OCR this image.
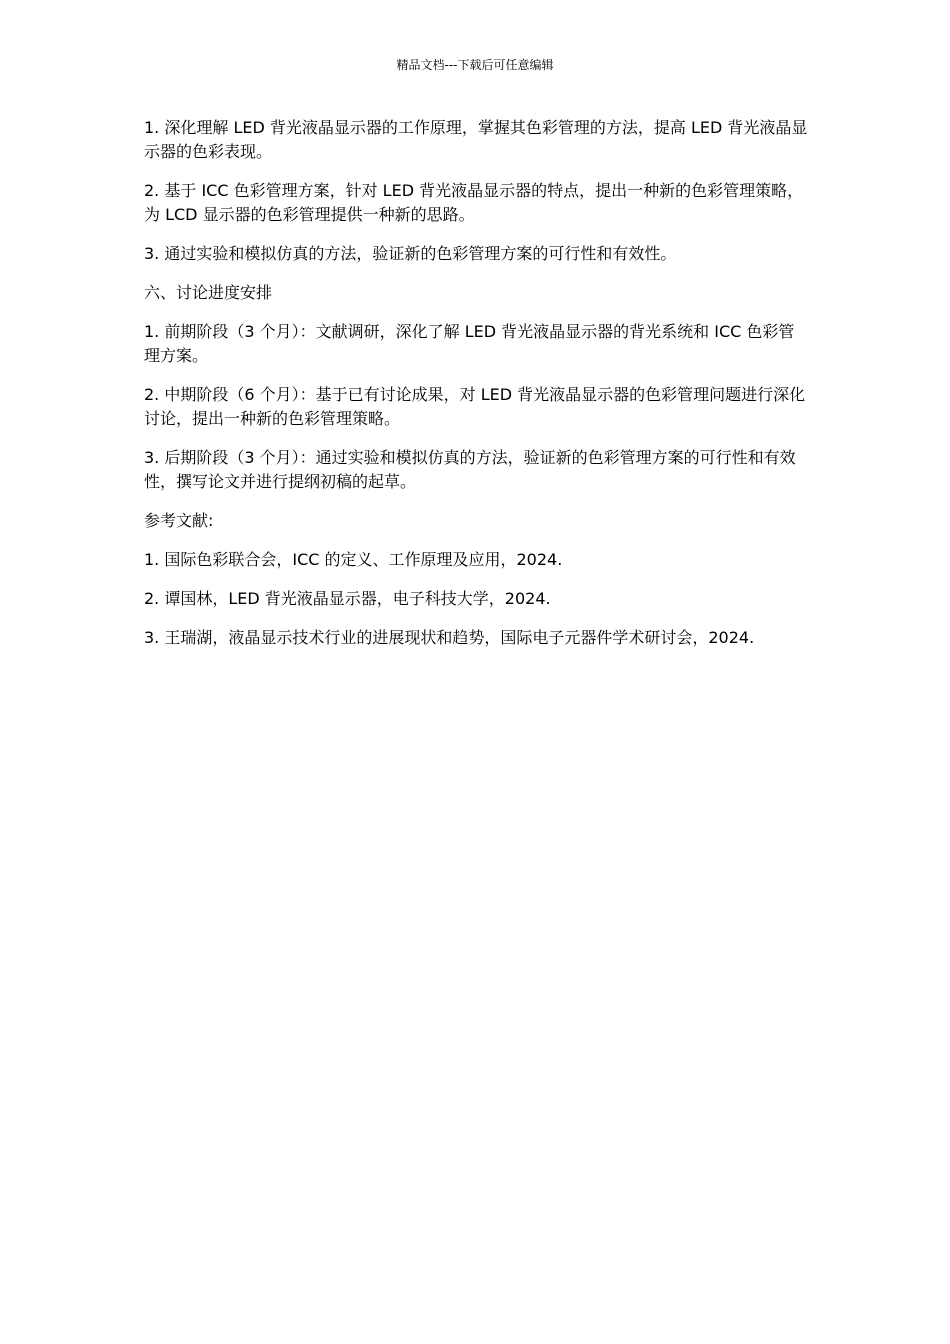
精品文档---下载后可任意编辑

1. 深化理解 LED 背光液晶显示器的工作原理，掌握其色彩管理的方法，提高 LED 背光液晶显示器的色彩表现。

2. 基于 ICC 色彩管理方案，针对 LED 背光液晶显示器的特点，提出一种新的色彩管理策略，为 LCD 显示器的色彩管理提供一种新的思路。

3. 通过实验和模拟仿真的方法，验证新的色彩管理方案的可行性和有效性。

六、讨论进度安排

1. 前期阶段（3 个月）：文献调研，深化了解 LED 背光液晶显示器的背光系统和 ICC 色彩管理方案。

2. 中期阶段（6 个月）：基于已有讨论成果，对 LED 背光液晶显示器的色彩管理问题进行深化讨论，提出一种新的色彩管理策略。

3. 后期阶段（3 个月）：通过实验和模拟仿真的方法，验证新的色彩管理方案的可行性和有效性，撰写论文并进行提纲初稿的起草。

参考文献:

1. 国际色彩联合会，ICC 的定义、工作原理及应用，2024.

2. 谭国林，LED 背光液晶显示器，电子科技大学，2024.

3. 王瑞湖，液晶显示技术行业的进展现状和趋势，国际电子元器件学术研讨会，2024.
